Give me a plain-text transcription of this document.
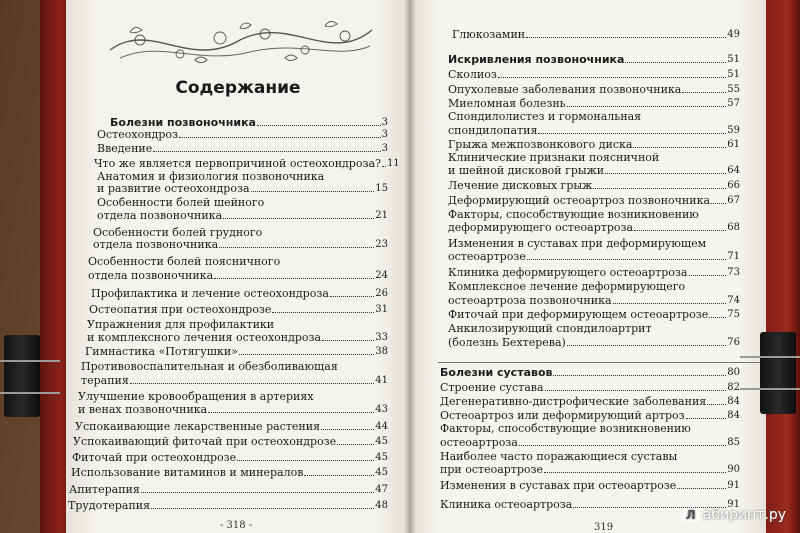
Содержание
Болезни позвоночника	3
Остеохондроз	3
Введение	3
Что же является первопричиной остеохондроза? 11
Анатомия и физиология позвоночника
и развитие остеохондроза	15
Особенности болей шейного
отдела позвоночника	21
Особенности болей грудного
отдела позвоночника	23
Особенности болей поясничного
отдела позвоночника	24
Профилактика и лечение остеохондроза	26
Остеопатия при остеохондрозе	31
Упражнения для профилактики
и комплексного лечения остеохондроза	33
Гимнастика «Потягушки»	38
Противовоспалительная и обезболивающая
терапия	41
Улучшение кровообращения в артериях
и венах позвоночника	43
Успокаивающие лекарственные растения	44
Успокаивающий фиточай при остеохондрозе	45
Фиточай при остеохондрозе	45
Использование витаминов и минералов	45
Апитерапия	47
Трудотерапия	48
Глюкозамин	49
Искривления позвоночника	51
Сколиоз	51
Опухолевые заболевания позвоночника	55
Миеломная болезнь	57
Спондилолистез и гормональная
спондилопатия	59
Грыжа межпозвонкового диска	61
Клинические признаки поясничной
и шейной дисковой грыжи	64
Лечение дисковых грыж	66
Деформирующий остеоартроз позвоночника 67
Факторы, способствующие возникновению
деформирующего остеоартроза	68
Изменения в суставах при деформирующем
остеоартрозе	71
Клиника деформирующего остеоартроза	73
Комплексное лечение деформирующего
остеоартроза позвоночника	74
Фиточай при деформирующем остеоартрозе 75
Анкилозирующий спондилоартрит
(болезнь Бехтерева)	76
Болезни суставов	80
Строение сустава	82
Дегенеративно-дистрофические заболевания 84
Остеоартроз или деформирующий артроз	84
Факторы, способствующие возникновению
остеоартроза	85
Наиболее часто поражающиеся суставы
при остеоартрозе	90
Изменения в суставах при остеоартрозе	91
Клиника остеоартроза	91
- 318 -	319
Л абиринт.ру
